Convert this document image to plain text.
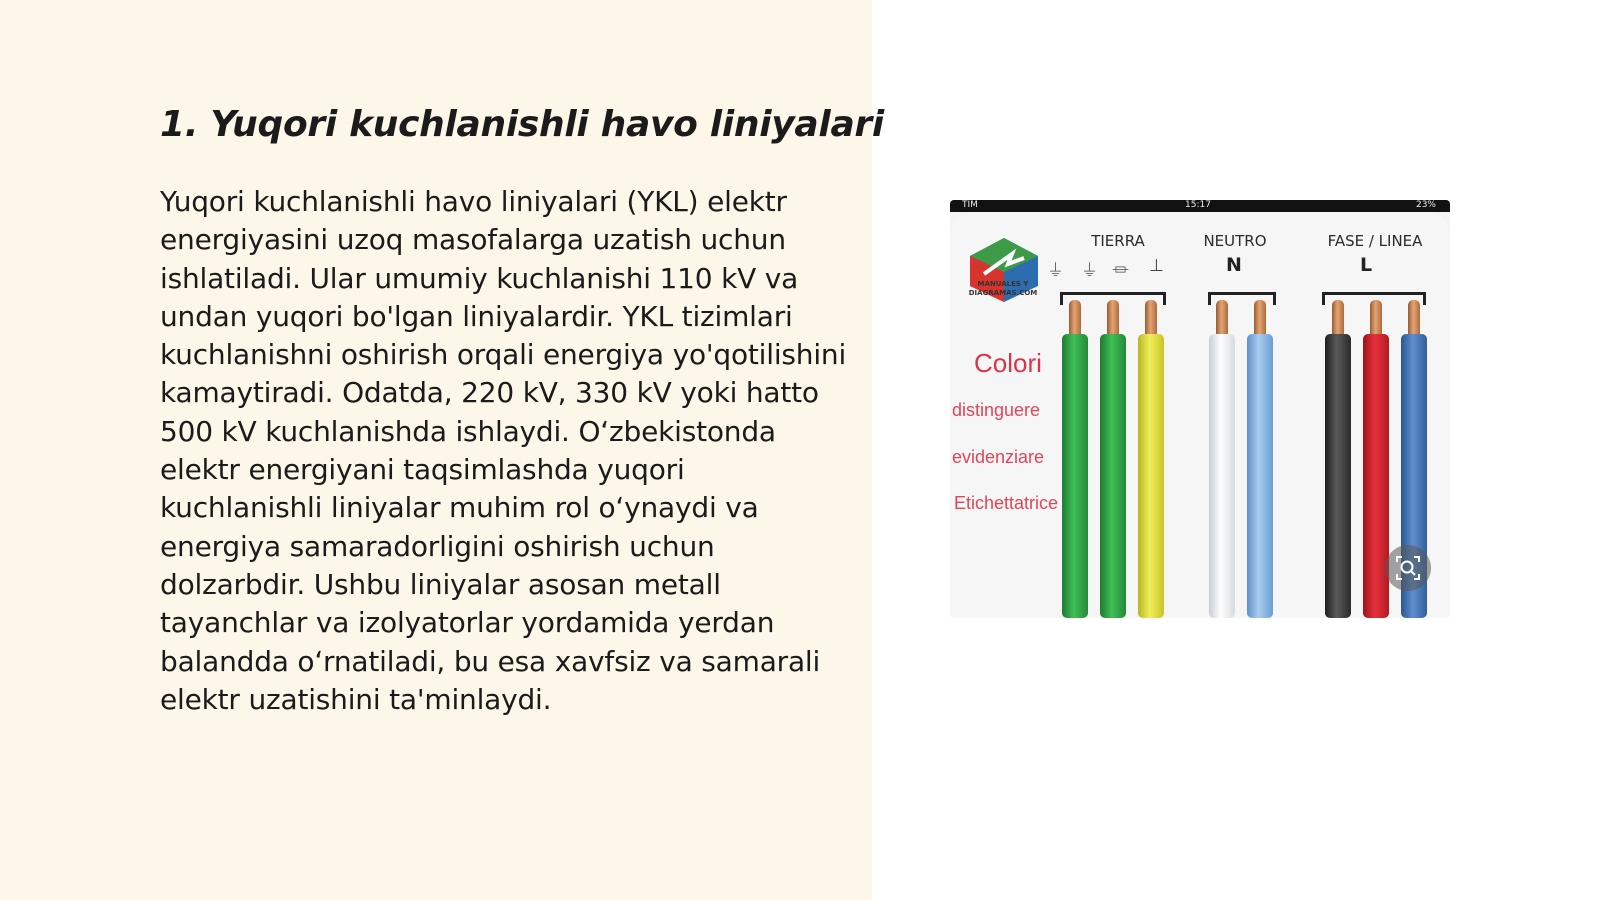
1. Yuqori kuchlanishli havo liniyalari

Yuqori kuchlanishli havo liniyalari (YKL) elektr energiyasini uzoq masofalarga uzatish uchun ishlatiladi. Ular umumiy kuchlanishi 110 kV va undan yuqori bo'lgan liniyalardir. YKL tizimlari kuchlanishni oshirish orqali energiya yo'qotilishini kamaytiradi. Odatda, 220 kV, 330 kV yoki hatto 500 kV kuchlanishda ishlaydi. Oʻzbekistonda elektr energiyani taqsimlashda yuqori kuchlanishli liniyalar muhim rol oʻynaydi va energiya samaradorligini oshirish uchun dolzarbdir. Ushbu liniyalar asosan metall tayanchlar va izolyatorlar yordamida yerdan balandda oʻrnatiladi, bu esa xavfsiz va samarali elektr uzatishini ta'minlaydi.

TIM	15:17	23%
MANUALES Y DIAGRAMAS.COM
TIERRA	NEUTRO	FASE / LINEA
⏚ ⏚ ⏛ ⊥	N	L
Colori
distinguere
evidenziare
Etichettatrice
